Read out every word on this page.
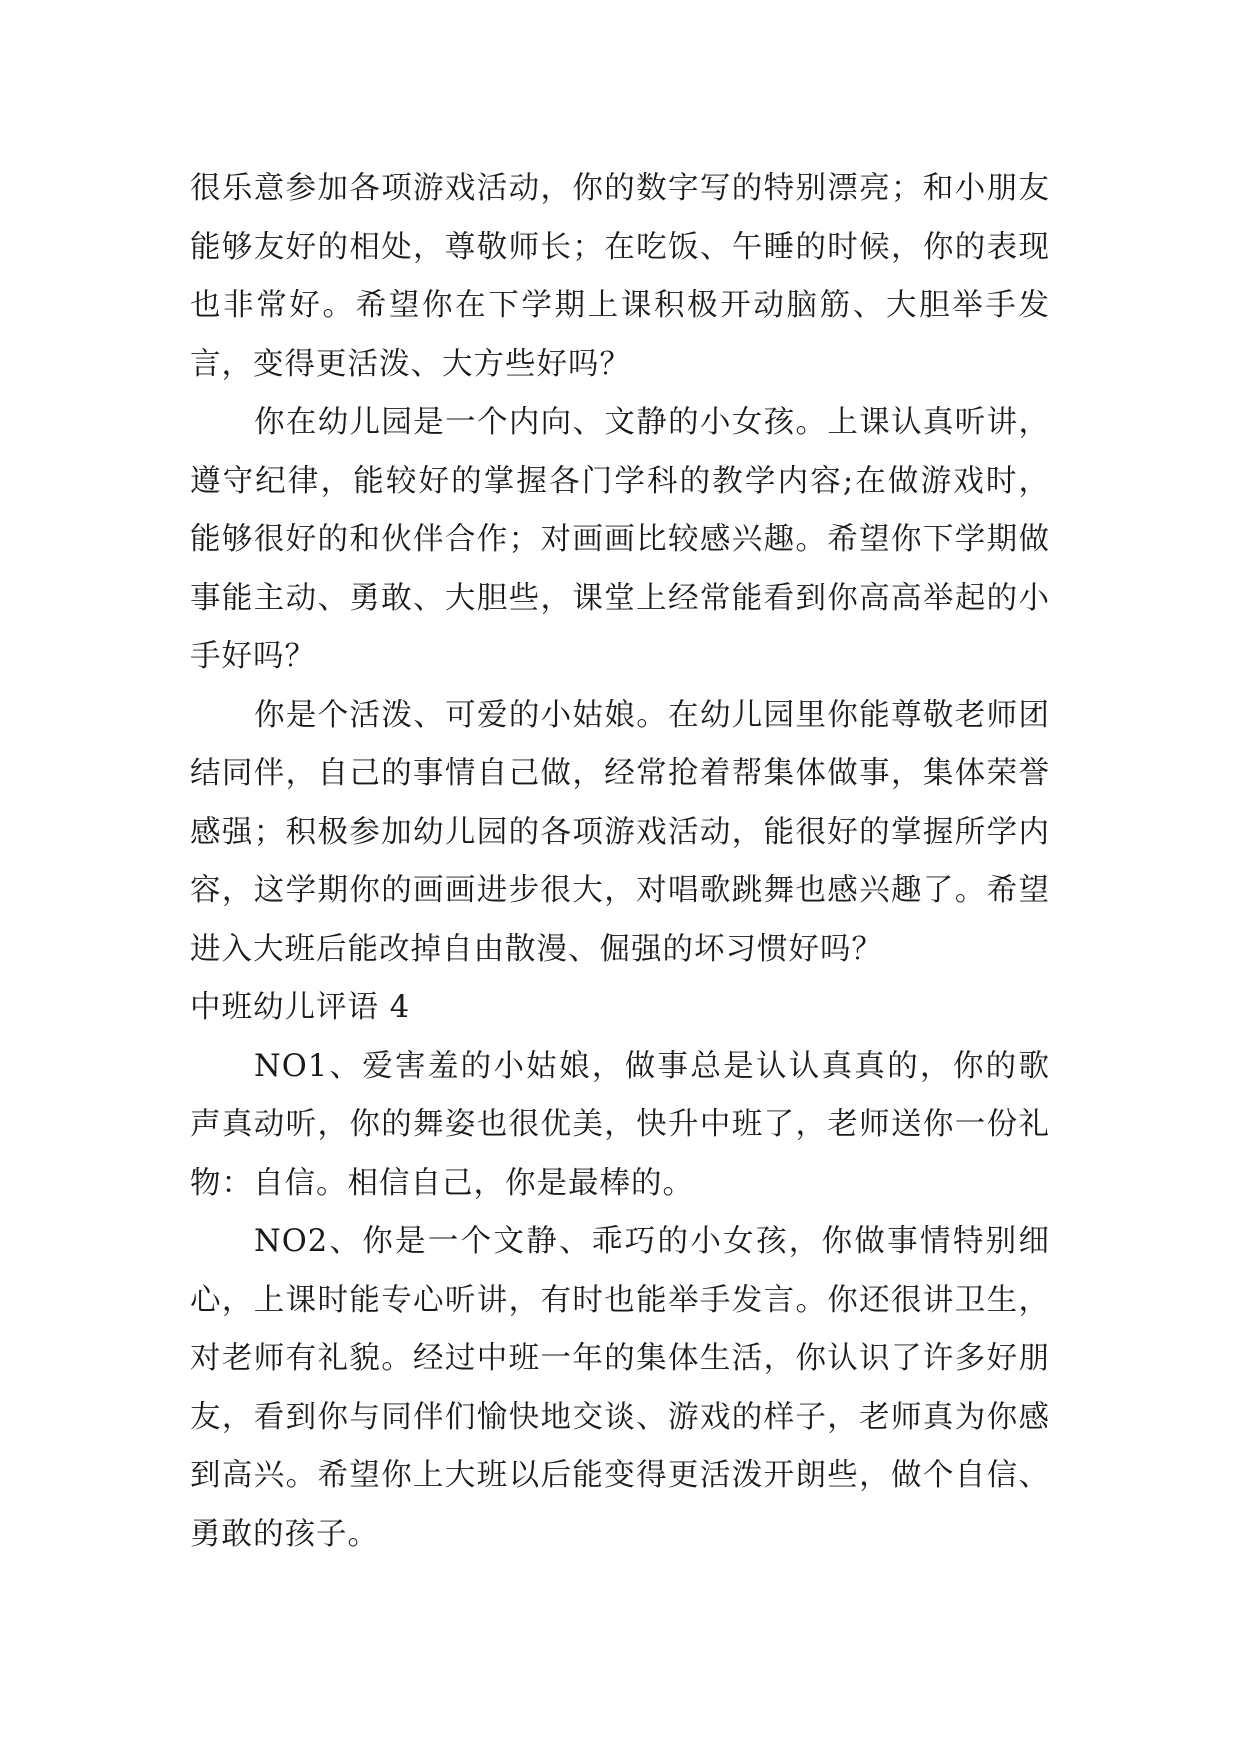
很乐意参加各项游戏活动，你的数字写的特别漂亮；和小朋友能够友好的相处，尊敬师长；在吃饭、午睡的时候，你的表现也非常好。希望你在下学期上课积极开动脑筋、大胆举手发言，变得更活泼、大方些好吗？

你在幼儿园是一个内向、文静的小女孩。上课认真听讲，遵守纪律，能较好的掌握各门学科的教学内容;在做游戏时，能够很好的和伙伴合作；对画画比较感兴趣。希望你下学期做事能主动、勇敢、大胆些，课堂上经常能看到你高高举起的小手好吗？

你是个活泼、可爱的小姑娘。在幼儿园里你能尊敬老师团结同伴，自己的事情自己做，经常抢着帮集体做事，集体荣誉感强；积极参加幼儿园的各项游戏活动，能很好的掌握所学内容，这学期你的画画进步很大，对唱歌跳舞也感兴趣了。希望进入大班后能改掉自由散漫、倔强的坏习惯好吗？

中班幼儿评语 4

NO1、爱害羞的小姑娘，做事总是认认真真的，你的歌声真动听，你的舞姿也很优美，快升中班了，老师送你一份礼物：自信。相信自己，你是最棒的。

NO2、你是一个文静、乖巧的小女孩，你做事情特别细心，上课时能专心听讲，有时也能举手发言。你还很讲卫生，对老师有礼貌。经过中班一年的集体生活，你认识了许多好朋友，看到你与同伴们愉快地交谈、游戏的样子，老师真为你感到高兴。希望你上大班以后能变得更活泼开朗些，做个自信、勇敢的孩子。
